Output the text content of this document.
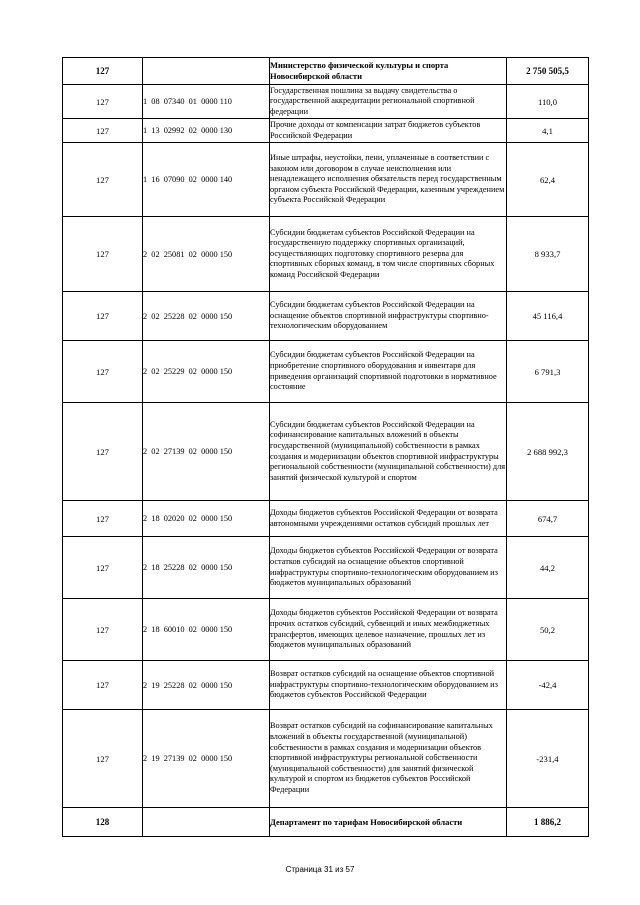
127		Министерство физической культуры и спорта Новосибирской области	2 750 505,5
127	1  08  07340  01  0000 110	Государственная пошлина за выдачу свидетельства о государственной аккредитации региональной спортивной федерации	110,0
127	1  13  02992  02  0000 130	Прочие доходы от компенсации затрат бюджетов субъектов Российской Федерации	4,1
127	1  16  07090  02  0000 140	Иные штрафы, неустойки, пени, уплаченные в соответствии с законом или договором в случае неисполнения или ненадлежащего исполнения обязательств перед государственным органом субъекта Российской Федерации, казенным учреждением субъекта Российской Федерации	62,4
127	2  02  25081  02  0000 150	Субсидии бюджетам субъектов Российской Федерации на государственную поддержку спортивных организаций, осуществляющих подготовку спортивного резерва для спортивных сборных команд, в том числе спортивных сборных команд Российской Федерации	8 933,7
127	2  02  25228  02  0000 150	Субсидии бюджетам субъектов Российской Федерации на оснащение объектов спортивной инфраструктуры спортивно-технологическим оборудованием	45 116,4
127	2  02  25229  02  0000 150	Субсидии бюджетам субъектов Российской Федерации на приобретение спортивного оборудования и инвентаря для приведения организаций спортивной подготовки в нормативное состояние	6 791,3
127	2  02  27139  02  0000 150	Субсидии бюджетам субъектов Российской Федерации на софинансирование капитальных вложений в объекты государственной (муниципальной) собственности в рамках создания и модернизации объектов спортивной инфраструктуры региональной собственности (муниципальной собственности) для занятий физической культурой и спортом	2 688 992,3
127	2  18  02020  02  0000 150	Доходы бюджетов субъектов Российской Федерации от возврата автономными учреждениями остатков субсидий прошлых лет	674,7
127	2  18  25228  02  0000 150	Доходы бюджетов субъектов Российской Федерации от возврата остатков субсидий на оснащение объектов спортивной инфраструктуры спортивно-технологическим оборудованием из бюджетов муниципальных образований	44,2
127	2  18  60010  02  0000 150	Доходы бюджетов субъектов Российской Федерации от возврата прочих остатков субсидий, субвенций и иных межбюджетных трансфертов, имеющих целевое назначение, прошлых лет из бюджетов муниципальных образований	50,2
127	2  19  25228  02  0000 150	Возврат остатков субсидий на оснащение объектов спортивной инфраструктуры спортивно-технологическим оборудованием из бюджетов субъектов Российской Федерации	-42,4
127	2  19  27139  02  0000 150	Возврат остатков субсидий на софинансирование капитальных вложений в объекты государственной (муниципальной) собственности в рамках создания и модернизации объектов спортивной инфраструктуры региональной собственности (муниципальной собственности) для занятий физической культурой и спортом из бюджетов субъектов Российской Федерации	-231,4
128		Департамент по тарифам Новосибирской области	1 886,2
Страница 31 из 57
